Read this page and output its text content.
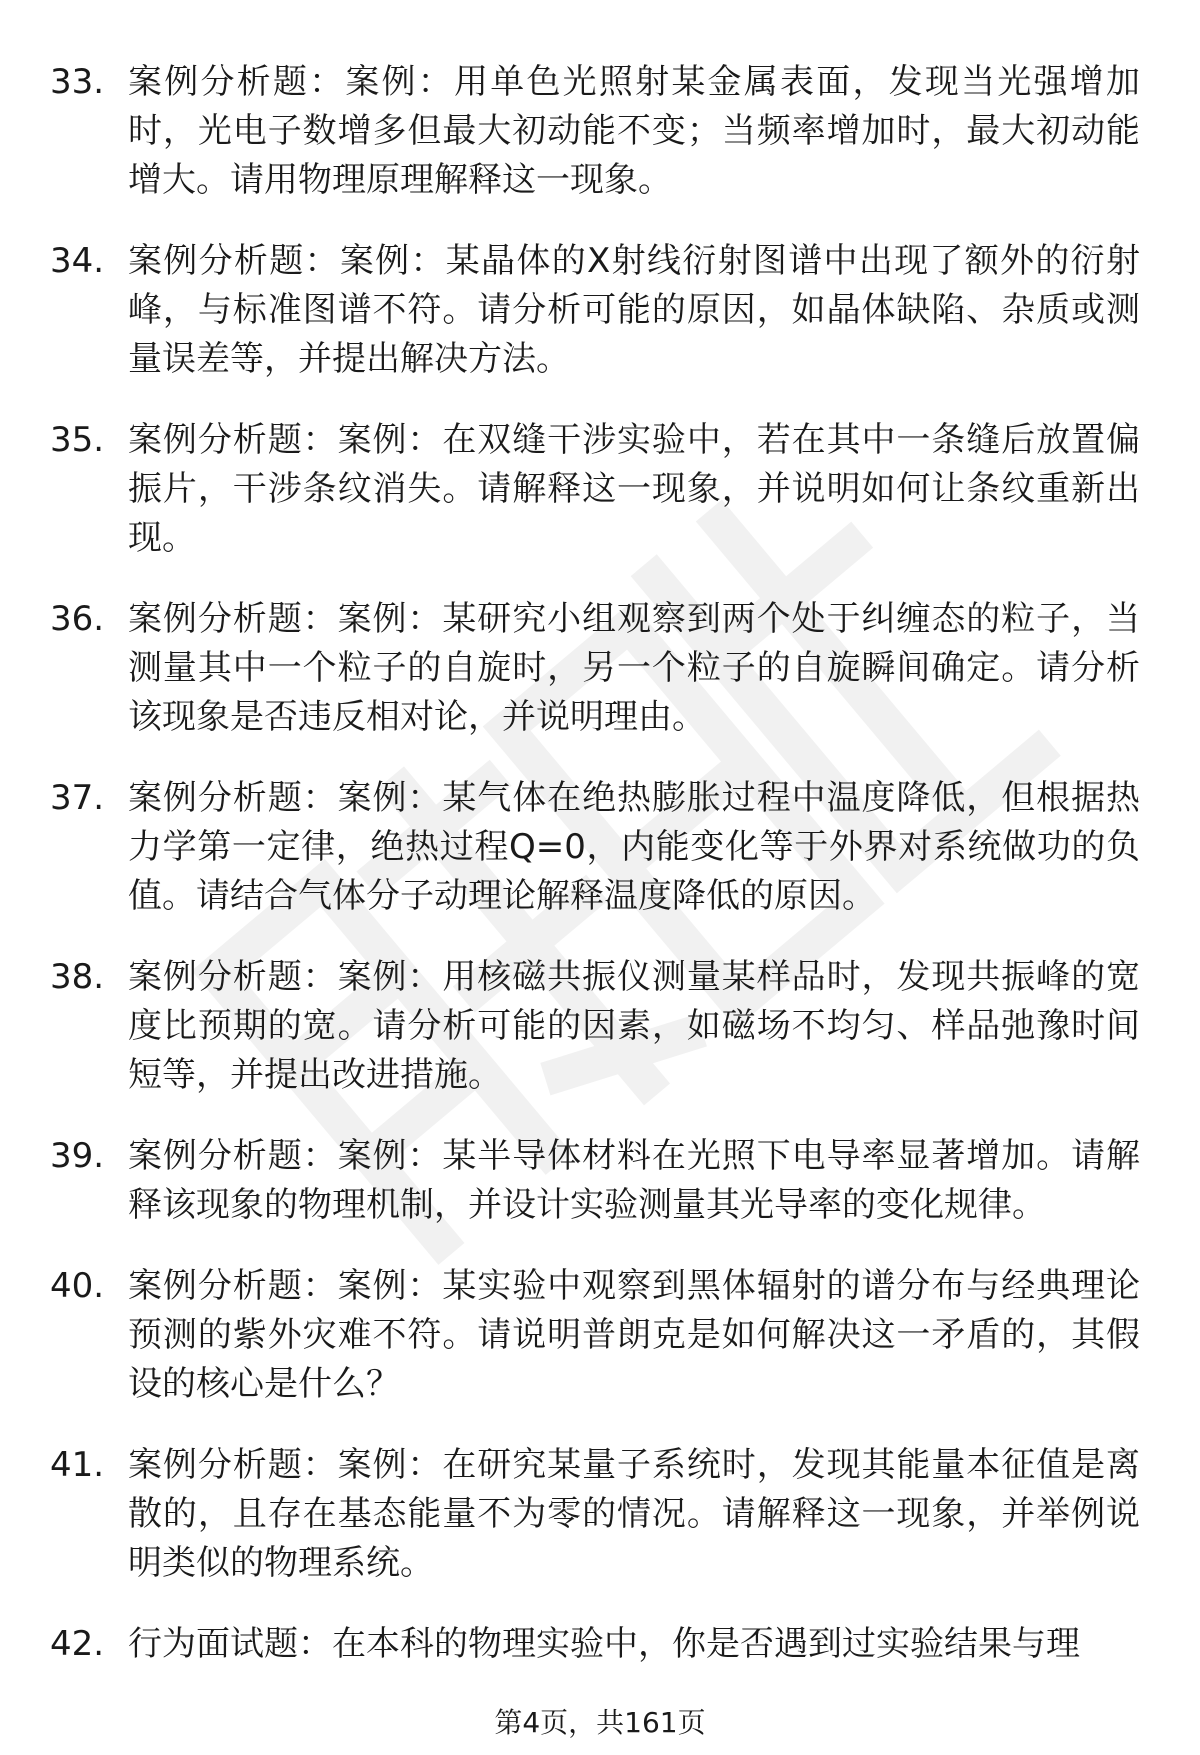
33. 案例分析题：案例：用单色光照射某金属表面，发现当光强增加时，光电子数增多但最大初动能不变；当频率增加时，最大初动能增大。请用物理原理解释这一现象。
34. 案例分析题：案例：某晶体的X射线衍射图谱中出现了额外的衍射峰，与标准图谱不符。请分析可能的原因，如晶体缺陷、杂质或测量误差等，并提出解决方法。
35. 案例分析题：案例：在双缝干涉实验中，若在其中一条缝后放置偏振片，干涉条纹消失。请解释这一现象，并说明如何让条纹重新出现。
36. 案例分析题：案例：某研究小组观察到两个处于纠缠态的粒子，当测量其中一个粒子的自旋时，另一个粒子的自旋瞬间确定。请分析该现象是否违反相对论，并说明理由。
37. 案例分析题：案例：某气体在绝热膨胀过程中温度降低，但根据热力学第一定律，绝热过程Q=0，内能变化等于外界对系统做功的负值。请结合气体分子动理论解释温度降低的原因。
38. 案例分析题：案例：用核磁共振仪测量某样品时，发现共振峰的宽度比预期的宽。请分析可能的因素，如磁场不均匀、样品弛豫时间短等，并提出改进措施。
39. 案例分析题：案例：某半导体材料在光照下电导率显著增加。请解释该现象的物理机制，并设计实验测量其光导率的变化规律。
40. 案例分析题：案例：某实验中观察到黑体辐射的谱分布与经典理论预测的紫外灾难不符。请说明普朗克是如何解决这一矛盾的，其假设的核心是什么？
41. 案例分析题：案例：在研究某量子系统时，发现其能量本征值是离散的，且存在基态能量不为零的情况。请解释这一现象，并举例说明类似的物理系统。
42. 行为面试题：在本科的物理实验中，你是否遇到过实验结果与理
第4页，共161页
